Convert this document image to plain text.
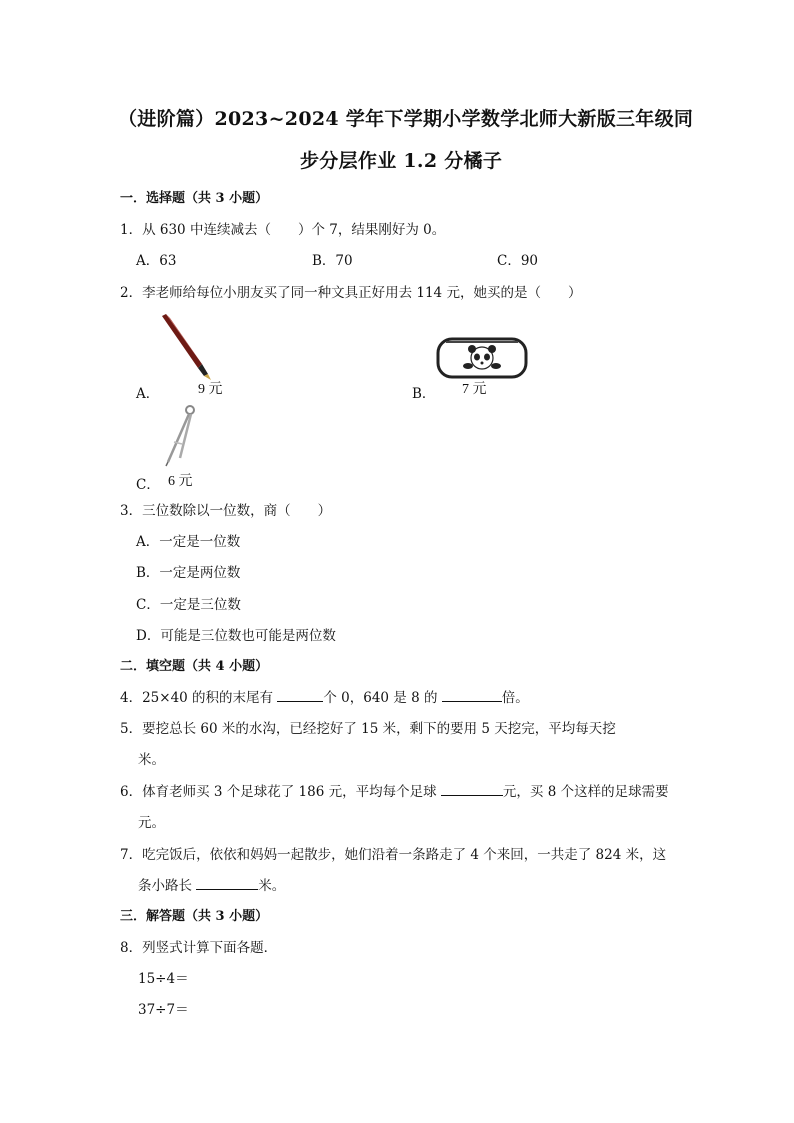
（进阶篇）2023~2024 学年下学期小学数学北师大新版三年级同
步分层作业 1.2 分橘子
一．选择题（共 3 小题）
1．从 630 中连续减去（　　）个 7，结果刚好为 0。
A．63	B．70	C．90
2．李老师给每位小朋友买了同一种文具正好用去 114 元，她买的是（　　）
A．	9 元	B． 7 元
C． 6 元
3．三位数除以一位数，商（　　）
A．一定是一位数
B．一定是两位数
C．一定是三位数
D．可能是三位数也可能是两位数
二．填空题（共 4 小题）
4．25×40 的积的末尾有	个 0，640 是 8 的	倍。
5．要挖总长 60 米的水沟，已经挖好了 15 米，剩下的要用 5 天挖完，平均每天挖
米。
6．体育老师买 3 个足球花了 186 元，平均每个足球	元，买 8 个这样的足球需要
元。
7．吃完饭后，依依和妈妈一起散步，她们沿着一条路走了 4 个来回，一共走了 824 米，这
条小路长	米。
三．解答题（共 3 小题）
8．列竖式计算下面各题．
15÷4＝
37÷7＝
